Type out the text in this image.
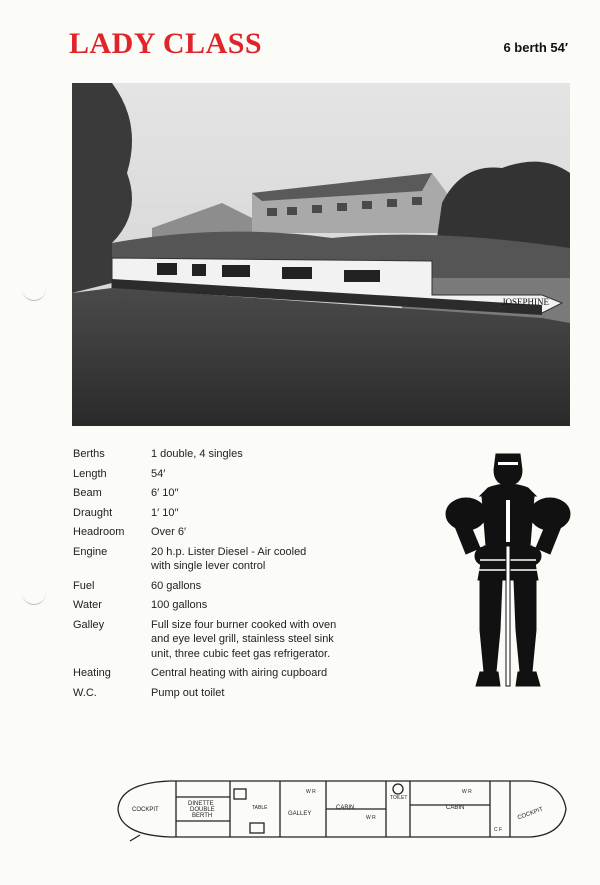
LADY CLASS	6 berth 54′
JOSEPHINE
Berths	1 double, 4 singles
Length	54′
Beam	6′ 10′′
Draught	1′ 10′′
Headroom	Over 6′
Engine	20 h.p. Lister Diesel - Air cooled
with single lever control
Fuel	60 gallons
Water	100 gallons
Galley	Full size four burner cooked with oven
and eye level grill, stainless steel sink
unit, three cubic feet gas refrigerator.
Heating	Central heating with airing cupboard
W.C.	Pump out toilet
COCKPIT
DINETTE
DOUBLE
BERTH
TABLE
GALLEY
CABIN
W R
W R
TOILET
CABIN
W R
C F
COCKPIT
